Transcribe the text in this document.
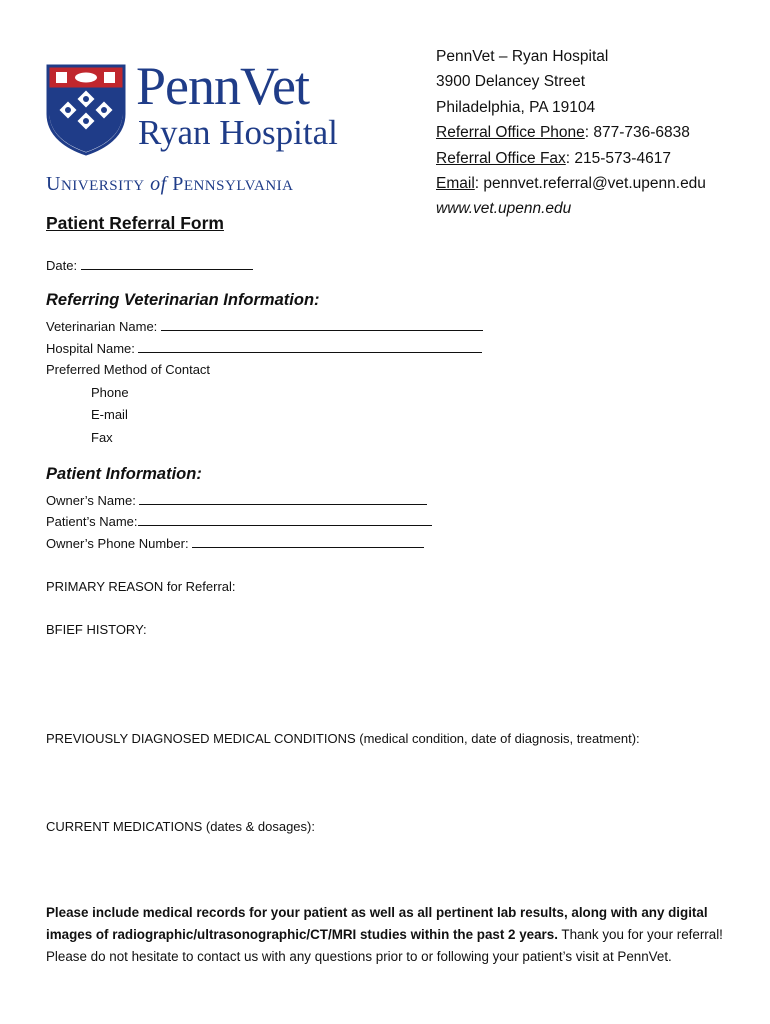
PennVet
Ryan Hospital
UNIVERSITY of PENNSYLVANIA
PennVet – Ryan Hospital
3900 Delancey Street
Philadelphia, PA 19104
Referral Office Phone: 877-736-6838
Referral Office Fax: 215-573-4617
Email: pennvet.referral@vet.upenn.edu
www.vet.upenn.edu
Patient Referral Form
Date:
Referring Veterinarian Information:
Veterinarian Name:
Hospital Name:
Preferred Method of Contact
Phone
E-mail
Fax
Patient Information:
Owner’s Name:
Patient’s Name:
Owner’s Phone Number:
PRIMARY REASON for Referral:
BFIEF HISTORY:
PREVIOUSLY DIAGNOSED MEDICAL CONDITIONS (medical condition, date of diagnosis, treatment):
CURRENT MEDICATIONS (dates & dosages):
Please include medical records for your patient as well as all pertinent lab results, along with any digital images of radiographic/ultrasonographic/CT/MRI studies within the past 2 years. Thank you for your referral! Please do not hesitate to contact us with any questions prior to or following your patient’s visit at PennVet.
